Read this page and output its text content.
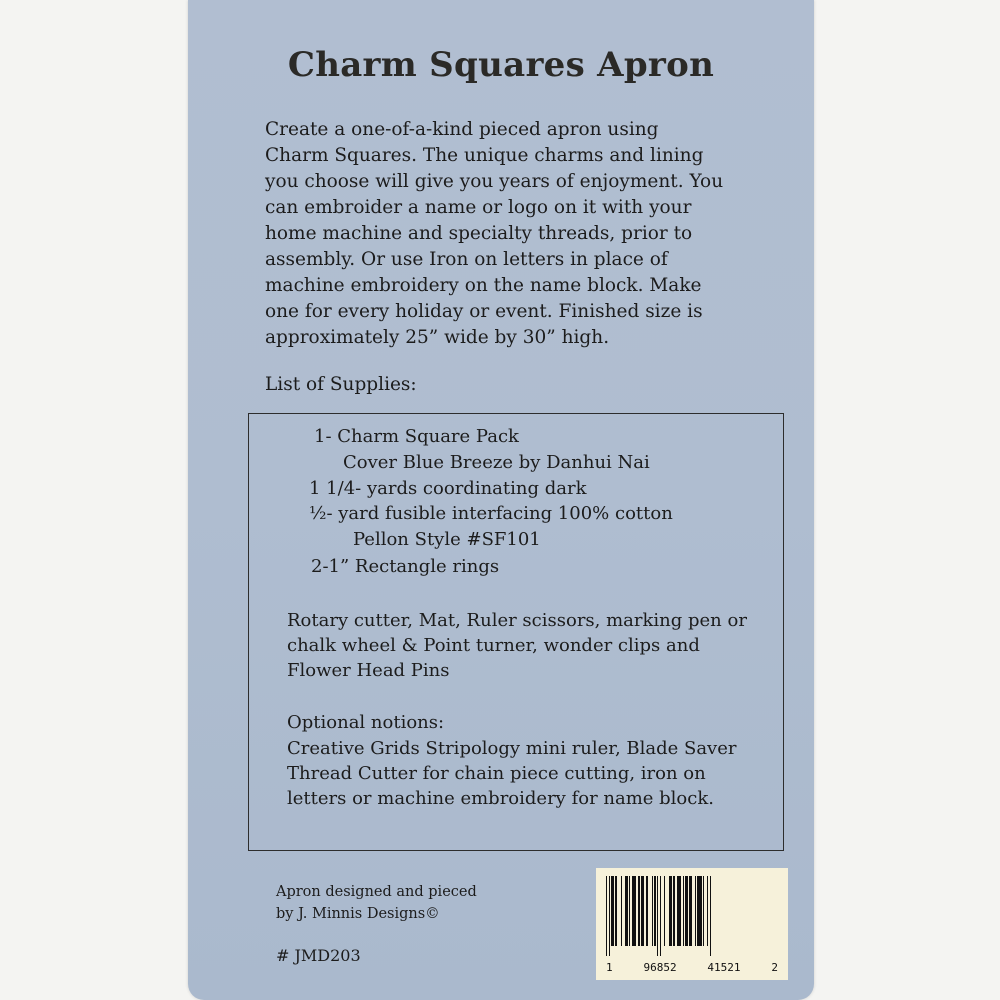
Charm Squares Apron
Create a one-of-a-kind pieced apron using
Charm Squares. The unique charms and lining
you choose will give you years of enjoyment. You
can embroider a name or logo on it with your
home machine and specialty threads, prior to
assembly. Or use Iron on letters in place of
machine embroidery on the name block. Make
one for every holiday or event. Finished size is
approximately 25” wide by 30” high.
List of Supplies:
1- Charm Square Pack
Cover Blue Breeze by Danhui Nai
1 1/4- yards coordinating dark
½- yard fusible interfacing 100% cotton
Pellon Style #SF101
2-1” Rectangle rings
Rotary cutter, Mat, Ruler scissors, marking pen or
chalk wheel & Point turner, wonder clips and
Flower Head Pins
Optional notions:
Creative Grids Stripology mini ruler, Blade Saver
Thread Cutter for chain piece cutting, iron on
letters or machine embroidery for name block.
Apron designed and pieced
by J. Minnis Designs©
# JMD203
1	96852	41521	2
